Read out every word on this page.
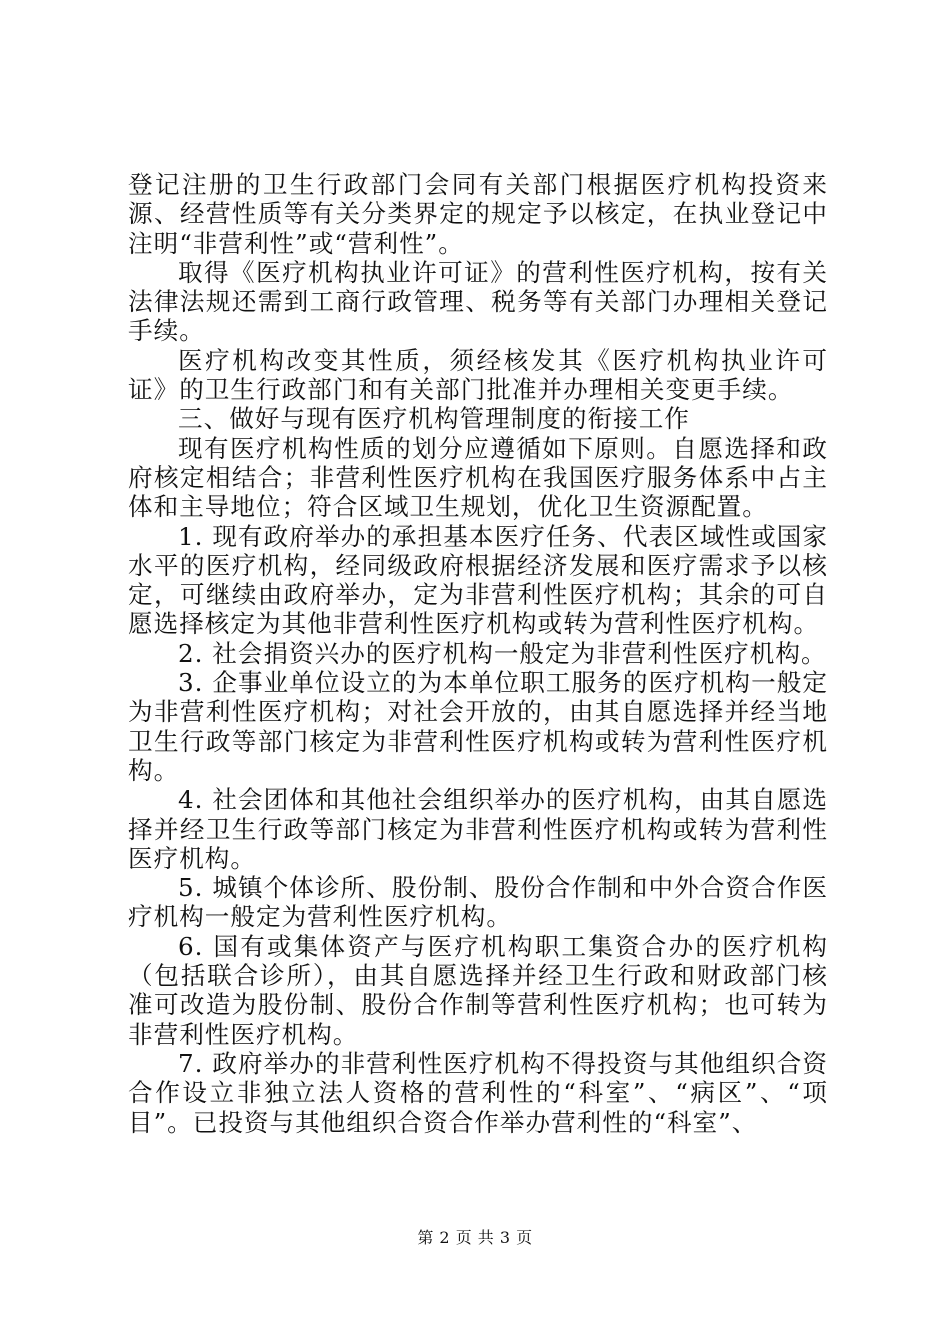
登记注册的卫生行政部门会同有关部门根据医疗机构投资来源、经营性质等有关分类界定的规定予以核定，在执业登记中注明“非营利性”或“营利性”。

取得《医疗机构执业许可证》的营利性医疗机构，按有关法律法规还需到工商行政管理、税务等有关部门办理相关登记手续。

医疗机构改变其性质，须经核发其《医疗机构执业许可证》的卫生行政部门和有关部门批准并办理相关变更手续。

三、做好与现有医疗机构管理制度的衔接工作

现有医疗机构性质的划分应遵循如下原则。自愿选择和政府核定相结合；非营利性医疗机构在我国医疗服务体系中占主体和主导地位；符合区域卫生规划，优化卫生资源配置。

1. 现有政府举办的承担基本医疗任务、代表区域性或国家水平的医疗机构，经同级政府根据经济发展和医疗需求予以核定，可继续由政府举办，定为非营利性医疗机构；其余的可自愿选择核定为其他非营利性医疗机构或转为营利性医疗机构。

2. 社会捐资兴办的医疗机构一般定为非营利性医疗机构。

3. 企事业单位设立的为本单位职工服务的医疗机构一般定为非营利性医疗机构；对社会开放的，由其自愿选择并经当地卫生行政等部门核定为非营利性医疗机构或转为营利性医疗机构。

4. 社会团体和其他社会组织举办的医疗机构，由其自愿选择并经卫生行政等部门核定为非营利性医疗机构或转为营利性医疗机构。

5. 城镇个体诊所、股份制、股份合作制和中外合资合作医疗机构一般定为营利性医疗机构。

6. 国有或集体资产与医疗机构职工集资合办的医疗机构（包括联合诊所），由其自愿选择并经卫生行政和财政部门核准可改造为股份制、股份合作制等营利性医疗机构；也可转为非营利性医疗机构。

7. 政府举办的非营利性医疗机构不得投资与其他组织合资合作设立非独立法人资格的营利性的“科室”、“病区”、“项目”。已投资与其他组织合资合作举办营利性的“科室”、

第 2 页 共 3 页
